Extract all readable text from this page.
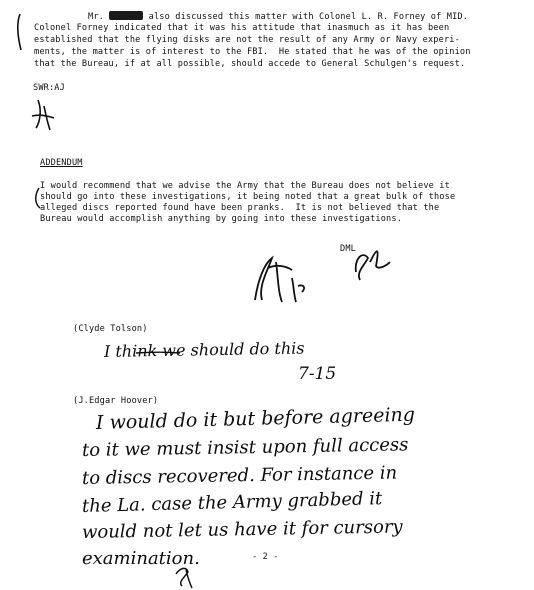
Mr.	also discussed this matter with Colonel L. R. Forney of MID.
Colonel Forney indicated that it was his attitude that inasmuch as it has been
established that the flying disks are not the result of any Army or Navy experi-
ments, the matter is of interest to the FBI.  He stated that he was of the opinion
that the Bureau, if at all possible, should accede to General Schulgen's request.
SWR:AJ
ADDENDUM
I would recommend that we advise the Army that the Bureau does not believe it
should go into these investigations, it being noted that a great bulk of those
alleged discs reported found have been pranks.  It is not believed that the
Bureau would accomplish anything by going into these investigations.
DML
(Clyde Tolson)
I think we should do this
7-15
(J.Edgar Hoover)
I would do it but before agreeing
to it we must insist upon full access
to discs recovered. For instance in
the La. case the Army grabbed it
would not let us have it for cursory
examination.	- 2 -
